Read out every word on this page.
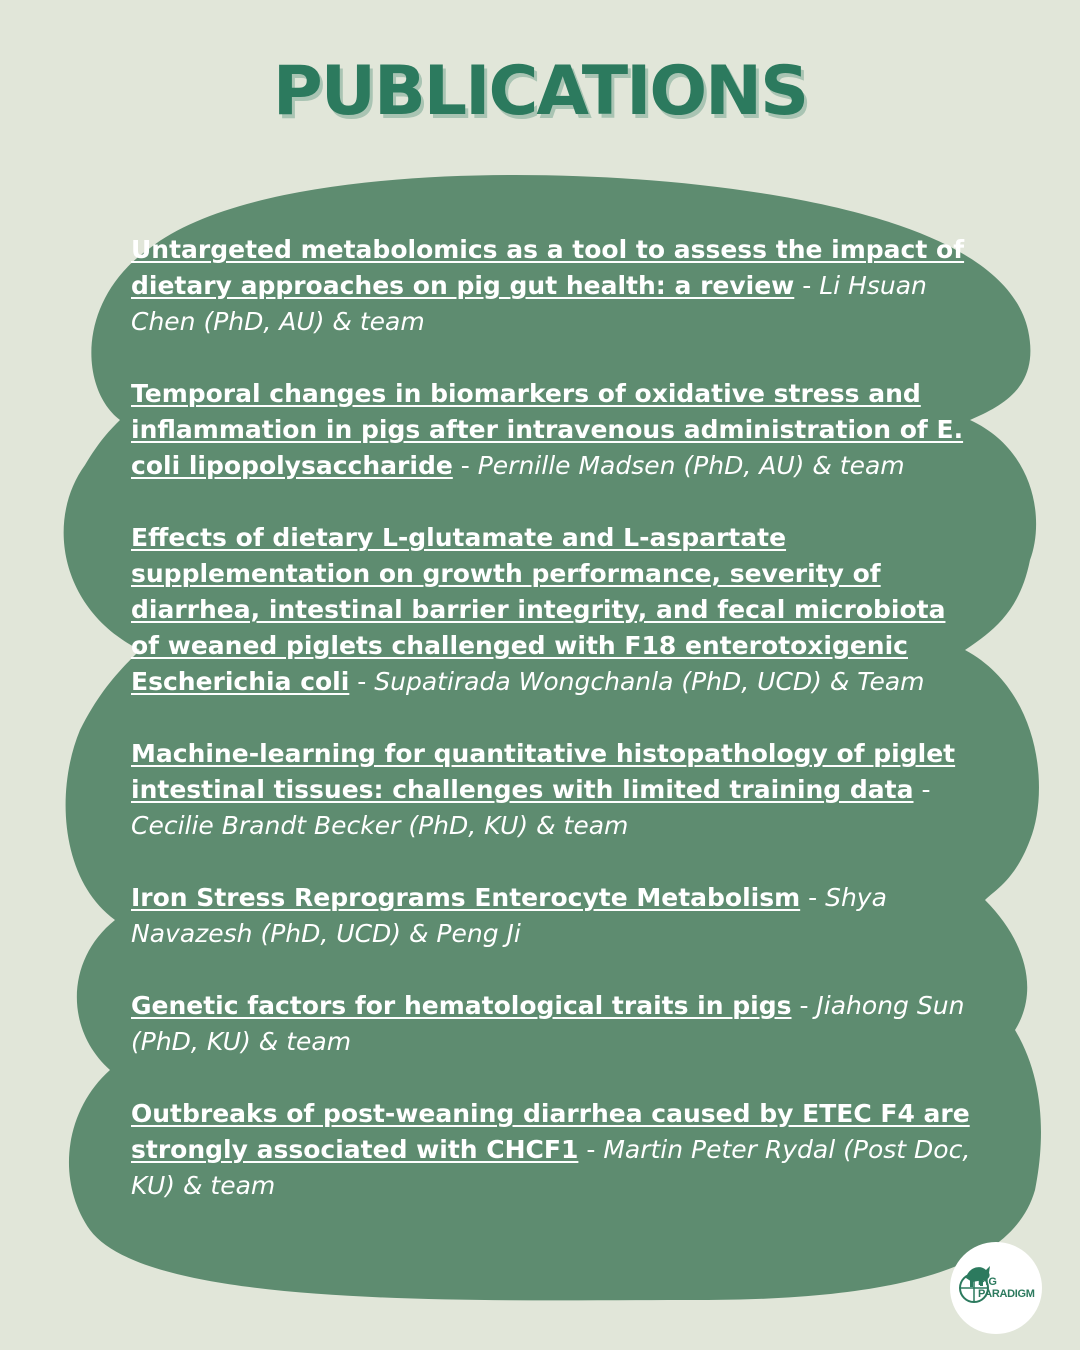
PUBLICATIONS
Untargeted metabolomics as a tool to assess the impact of dietary approaches on pig gut health: a review - Li Hsuan Chen (PhD, AU) & team
Temporal changes in biomarkers of oxidative stress and inflammation in pigs after intravenous administration of E. coli lipopolysaccharide - Pernille Madsen (PhD, AU) & team
Effects of dietary L-glutamate and L-aspartate supplementation on growth performance, severity of diarrhea, intestinal barrier integrity, and fecal microbiota of weaned piglets challenged with F18 enterotoxigenic Escherichia coli - Supatirada Wongchanla (PhD, UCD) & Team
Machine-learning for quantitative histopathology of piglet intestinal tissues: challenges with limited training data - Cecilie Brandt Becker (PhD, KU) & team
Iron Stress Reprograms Enterocyte Metabolism - Shya Navazesh (PhD, UCD) & Peng Ji
Genetic factors for hematological traits in pigs - Jiahong Sun (PhD, KU) & team
Outbreaks of post-weaning diarrhea caused by ETEC F4 are strongly associated with CHCF1 - Martin Peter Rydal (Post Doc, KU) & team
PIG
PARADIGM
